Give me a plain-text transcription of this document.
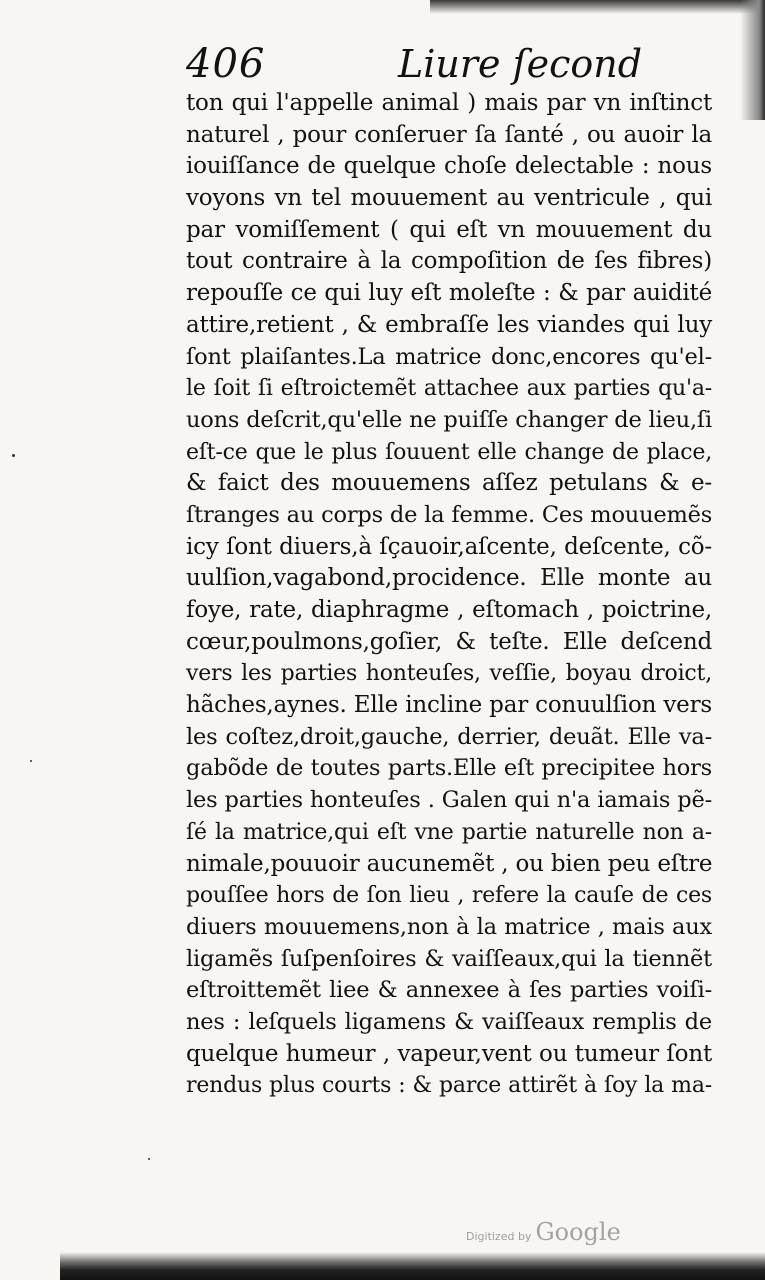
406	Liure ſecond
ton qui l'appelle animal ) mais par vn inſtinct
naturel , pour conſeruer ſa ſanté , ou auoir la
iouiſſance de quelque choſe delectable : nous
voyons vn tel mouuement au ventricule , qui
par vomiſſement ( qui eſt vn mouuement du
tout contraire à la compoſition de ſes fibres)
repouſſe ce qui luy eſt moleſte : & par auidité
attire,retient , & embraſſe les viandes qui luy
ſont plaiſantes.La matrice donc,encores qu'el-
le ſoit ſi eſtroictemẽt attachee aux parties qu'a-
uons deſcrit,qu'elle ne puiſſe changer de lieu,ſi
eſt-ce que le plus ſouuent elle change de place,
& faict des mouuemens aſſez petulans & e-
ſtranges au corps de la femme. Ces mouuemẽs
icy ſont diuers,à ſçauoir,aſcente, deſcente, cõ-
uulſion,vagabond,procidence. Elle monte au
foye, rate, diaphragme , eſtomach , poictrine,
cœur,poulmons,goſier, & teſte. Elle deſcend
vers les parties honteuſes, veſſie, boyau droict,
hãches,aynes. Elle incline par conuulſion vers
les coſtez,droit,gauche, derrier, deuãt. Elle va-
gabõde de toutes parts.Elle eſt precipitee hors
les parties honteuſes . Galen qui n'a iamais pẽ-
ſé la matrice,qui eſt vne partie naturelle non a-
nimale,pouuoir aucunemẽt , ou bien peu eſtre
pouſſee hors de ſon lieu , refere la cauſe de ces
diuers mouuemens,non à la matrice , mais aux
ligamẽs ſuſpenſoires & vaiſſeaux,qui la tiennẽt
eſtroittemẽt liee & annexee à ſes parties voiſi-
nes : leſquels ligamens & vaiſſeaux remplis de
quelque humeur , vapeur,vent ou tumeur ſont
rendus plus courts : & parce attirẽt à ſoy la ma-
Digitized by Google
